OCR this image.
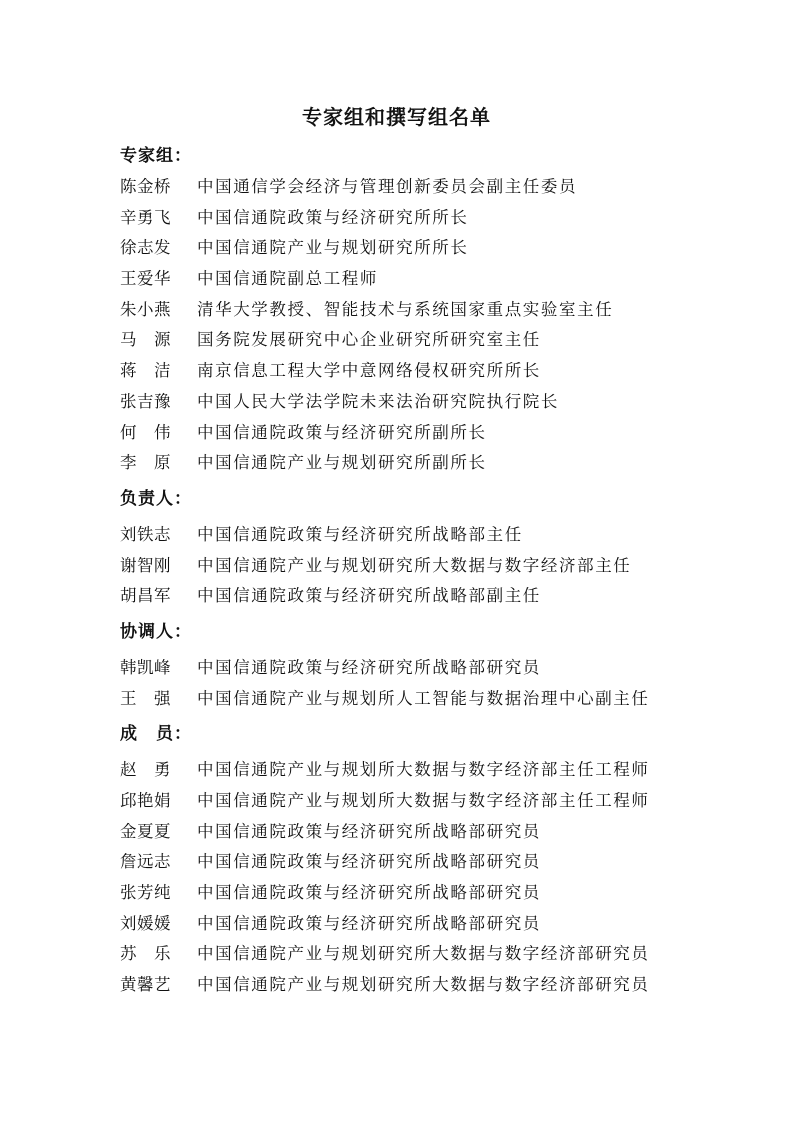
专家组和撰写组名单
专家组：
陈金桥	中国通信学会经济与管理创新委员会副主任委员
辛勇飞	中国信通院政策与经济研究所所长
徐志发	中国信通院产业与规划研究所所长
王爱华	中国信通院副总工程师
朱小燕	清华大学教授、智能技术与系统国家重点实验室主任
马　源	国务院发展研究中心企业研究所研究室主任
蒋　洁	南京信息工程大学中意网络侵权研究所所长
张吉豫	中国人民大学法学院未来法治研究院执行院长
何　伟	中国信通院政策与经济研究所副所长
李　原	中国信通院产业与规划研究所副所长
负责人：
刘铁志	中国信通院政策与经济研究所战略部主任
谢智刚	中国信通院产业与规划研究所大数据与数字经济部主任
胡昌军	中国信通院政策与经济研究所战略部副主任
协调人：
韩凯峰	中国信通院政策与经济研究所战略部研究员
王　强	中国信通院产业与规划所人工智能与数据治理中心副主任
成　员：
赵　勇	中国信通院产业与规划所大数据与数字经济部主任工程师
邱艳娟	中国信通院产业与规划所大数据与数字经济部主任工程师
金夏夏	中国信通院政策与经济研究所战略部研究员
詹远志	中国信通院政策与经济研究所战略部研究员
张芳纯	中国信通院政策与经济研究所战略部研究员
刘媛媛	中国信通院政策与经济研究所战略部研究员
苏　乐	中国信通院产业与规划研究所大数据与数字经济部研究员
黄馨艺	中国信通院产业与规划研究所大数据与数字经济部研究员
